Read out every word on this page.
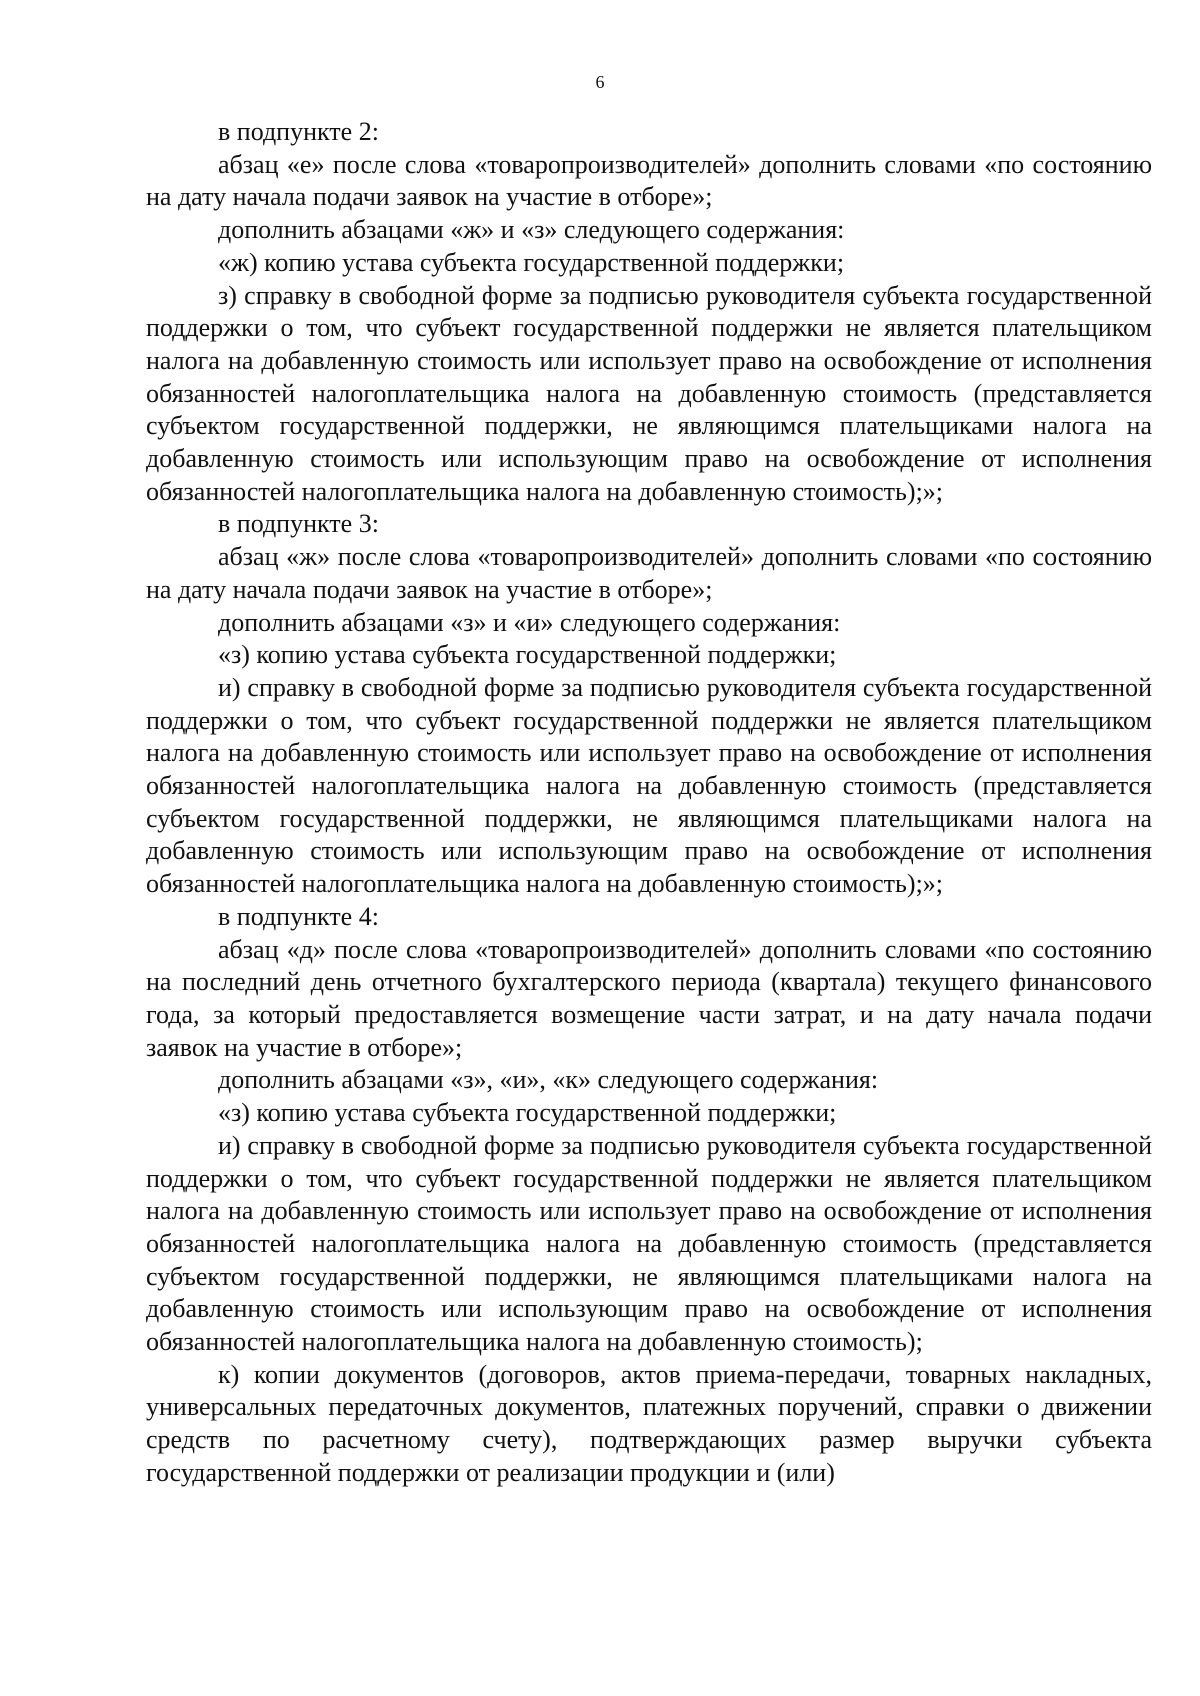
6

в подпункте 2:

абзац «е» после слова «товаропроизводителей» дополнить словами «по состоянию на дату начала подачи заявок на участие в отборе»;

дополнить абзацами «ж» и «з» следующего содержания:

«ж) копию устава субъекта государственной поддержки;

з) справку в свободной форме за подписью руководителя субъекта государственной поддержки о том, что субъект государственной поддержки не является плательщиком налога на добавленную стоимость или использует право на освобождение от исполнения обязанностей налогоплательщика налога на добавленную стоимость (представляется субъектом государственной поддержки, не являющимся плательщиками налога на добавленную стоимость или использующим право на освобождение от исполнения обязанностей налогоплательщика налога на добавленную стоимость);»;

в подпункте 3:

абзац «ж» после слова «товаропроизводителей» дополнить словами «по состоянию на дату начала подачи заявок на участие в отборе»;

дополнить абзацами «з» и «и» следующего содержания:

«з) копию устава субъекта государственной поддержки;

и) справку в свободной форме за подписью руководителя субъекта государственной поддержки о том, что субъект государственной поддержки не является плательщиком налога на добавленную стоимость или использует право на освобождение от исполнения обязанностей налогоплательщика налога на добавленную стоимость (представляется субъектом государственной поддержки, не являющимся плательщиками налога на добавленную стоимость или использующим право на освобождение от исполнения обязанностей налогоплательщика налога на добавленную стоимость);»;

в подпункте 4:

абзац «д» после слова «товаропроизводителей» дополнить словами «по состоянию на последний день отчетного бухгалтерского периода (квартала) текущего финансового года, за который предоставляется возмещение части затрат, и на дату начала подачи заявок на участие в отборе»;

дополнить абзацами «з», «и», «к» следующего содержания:

«з) копию устава субъекта государственной поддержки;

и) справку в свободной форме за подписью руководителя субъекта государственной поддержки о том, что субъект государственной поддержки не является плательщиком налога на добавленную стоимость или использует право на освобождение от исполнения обязанностей налогоплательщика налога на добавленную стоимость (представляется субъектом государственной поддержки, не являющимся плательщиками налога на добавленную стоимость или использующим право на освобождение от исполнения обязанностей налогоплательщика налога на добавленную стоимость);

к) копии документов (договоров, актов приема-передачи, товарных накладных, универсальных передаточных документов, платежных поручений, справки о движении средств по расчетному счету), подтверждающих размер выручки субъекта государственной поддержки от реализации продукции и (или)
